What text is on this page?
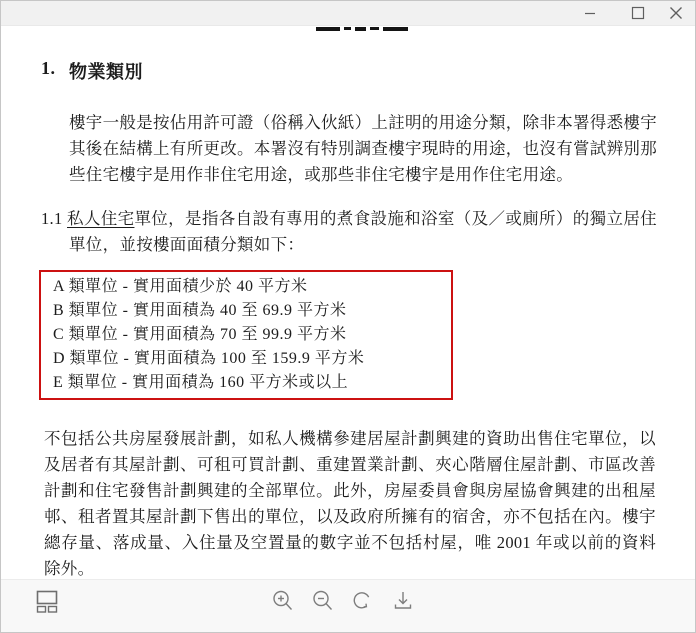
1. 物業類別
樓宇一般是按佔用許可證（俗稱入伙紙）上註明的用途分類，除非本署得悉樓宇其後在結構上有所更改。本署沒有特別調查樓宇現時的用途，也沒有嘗試辨別那些住宅樓宇是用作非住宅用途，或那些非住宅樓宇是用作住宅用途。
1.1 私人住宅單位，是指各自設有專用的煮食設施和浴室（及／或廁所）的獨立居住單位，並按樓面面積分類如下：
A 類單位 - 實用面積少於 40 平方米
B 類單位 - 實用面積為 40 至 69.9 平方米
C 類單位 - 實用面積為 70 至 99.9 平方米
D 類單位 - 實用面積為 100 至 159.9 平方米
E 類單位 - 實用面積為 160 平方米或以上
不包括公共房屋發展計劃，如私人機構參建居屋計劃興建的資助出售住宅單位，以及居者有其屋計劃、可租可買計劃、重建置業計劃、夾心階層住屋計劃、市區改善計劃和住宅發售計劃興建的全部單位。此外，房屋委員會與房屋協會興建的出租屋邨、租者置其屋計劃下售出的單位，以及政府所擁有的宿舍，亦不包括在內。樓宇總存量、落成量、入住量及空置量的數字並不包括村屋，唯 2001 年或以前的資料除外。
